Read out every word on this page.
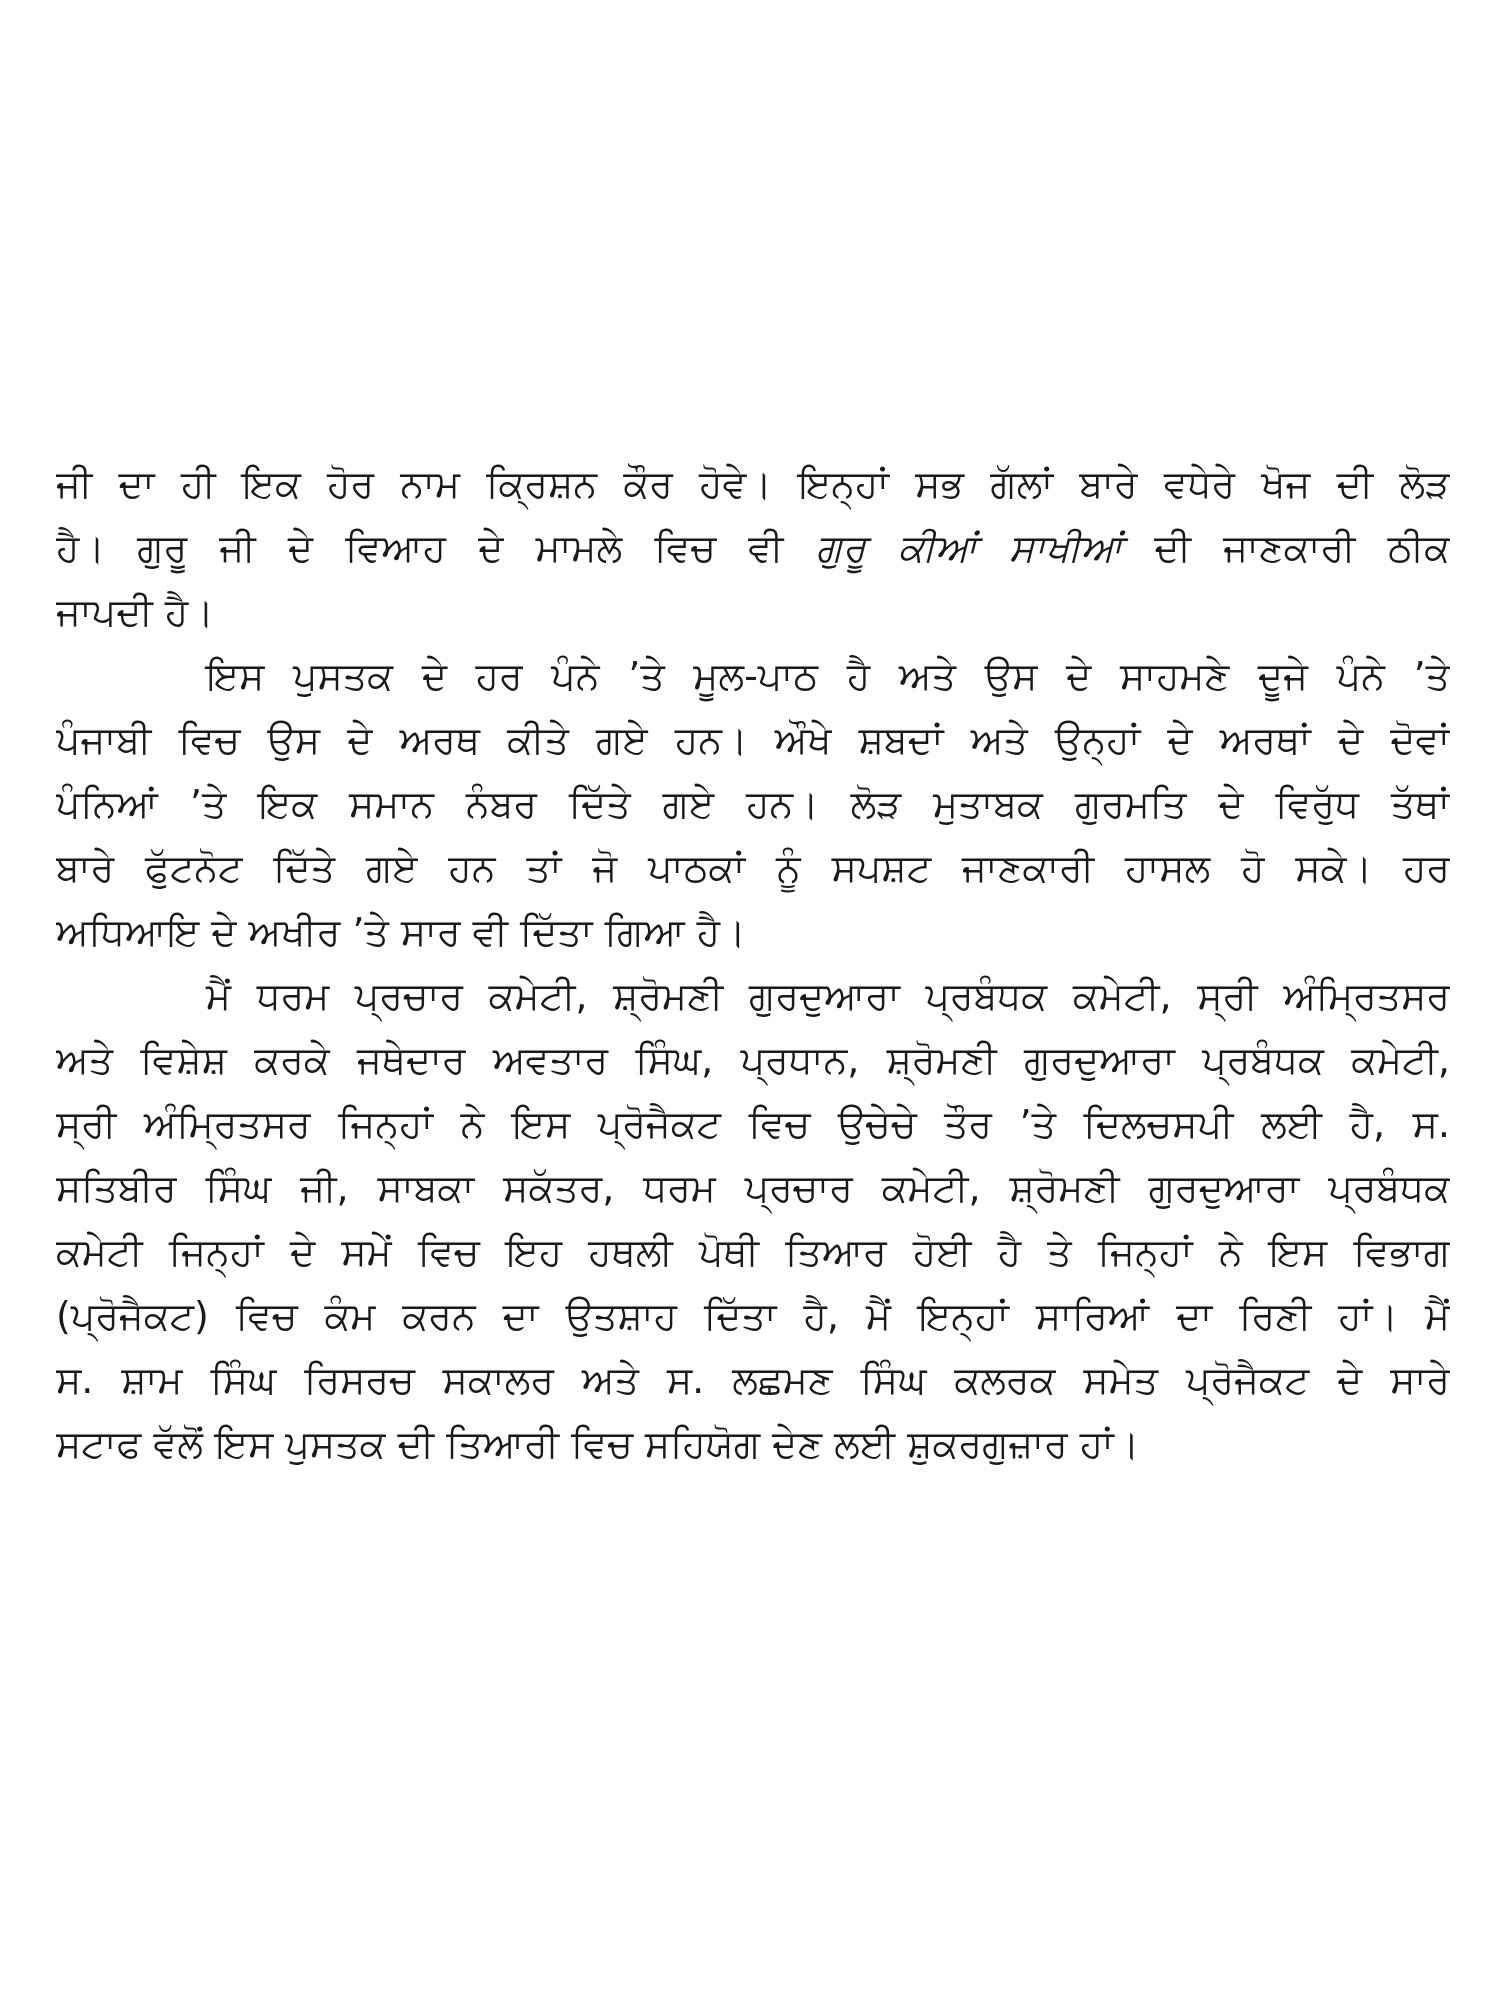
ਜੀ ਦਾ ਹੀ ਇਕ ਹੋਰ ਨਾਮ ਕ੍ਰਿਸ਼ਨ ਕੌਰ ਹੋਵੇ। ਇਨ੍ਹਾਂ ਸਭ ਗੱਲਾਂ ਬਾਰੇ ਵਧੇਰੇ ਖੋਜ ਦੀ ਲੋੜ
ਹੈ। ਗੁਰੂ ਜੀ ਦੇ ਵਿਆਹ ਦੇ ਮਾਮਲੇ ਵਿਚ ਵੀ ਗੁਰੂ ਕੀਆਂ ਸਾਖੀਆਂ ਦੀ ਜਾਣਕਾਰੀ ਠੀਕ
ਜਾਪਦੀ ਹੈ।
ਇਸ ਪੁਸਤਕ ਦੇ ਹਰ ਪੰਨੇ ’ਤੇ ਮੂਲ-ਪਾਠ ਹੈ ਅਤੇ ਉਸ ਦੇ ਸਾਹਮਣੇ ਦੂਜੇ ਪੰਨੇ ’ਤੇ
ਪੰਜਾਬੀ ਵਿਚ ਉਸ ਦੇ ਅਰਥ ਕੀਤੇ ਗਏ ਹਨ। ਔਖੇ ਸ਼ਬਦਾਂ ਅਤੇ ਉਨ੍ਹਾਂ ਦੇ ਅਰਥਾਂ ਦੇ ਦੋਵਾਂ
ਪੰਨਿਆਂ ’ਤੇ ਇਕ ਸਮਾਨ ਨੰਬਰ ਦਿੱਤੇ ਗਏ ਹਨ। ਲੋੜ ਮੁਤਾਬਕ ਗੁਰਮਤਿ ਦੇ ਵਿਰੁੱਧ ਤੱਥਾਂ
ਬਾਰੇ ਫੁੱਟਨੋਟ ਦਿੱਤੇ ਗਏ ਹਨ ਤਾਂ ਜੋ ਪਾਠਕਾਂ ਨੂੰ ਸਪਸ਼ਟ ਜਾਣਕਾਰੀ ਹਾਸਲ ਹੋ ਸਕੇ। ਹਰ
ਅਧਿਆਇ ਦੇ ਅਖੀਰ ’ਤੇ ਸਾਰ ਵੀ ਦਿੱਤਾ ਗਿਆ ਹੈ।
ਮੈਂ ਧਰਮ ਪ੍ਰਚਾਰ ਕਮੇਟੀ, ਸ਼੍ਰੋਮਣੀ ਗੁਰਦੁਆਰਾ ਪ੍ਰਬੰਧਕ ਕਮੇਟੀ, ਸ੍ਰੀ ਅੰਮ੍ਰਿਤਸਰ
ਅਤੇ ਵਿਸ਼ੇਸ਼ ਕਰਕੇ ਜਥੇਦਾਰ ਅਵਤਾਰ ਸਿੰਘ, ਪ੍ਰਧਾਨ, ਸ਼੍ਰੋਮਣੀ ਗੁਰਦੁਆਰਾ ਪ੍ਰਬੰਧਕ ਕਮੇਟੀ,
ਸ੍ਰੀ ਅੰਮ੍ਰਿਤਸਰ ਜਿਨ੍ਹਾਂ ਨੇ ਇਸ ਪ੍ਰੋਜੈਕਟ ਵਿਚ ਉਚੇਚੇ ਤੌਰ ’ਤੇ ਦਿਲਚਸਪੀ ਲਈ ਹੈ, ਸ.
ਸਤਿਬੀਰ ਸਿੰਘ ਜੀ, ਸਾਬਕਾ ਸਕੱਤਰ, ਧਰਮ ਪ੍ਰਚਾਰ ਕਮੇਟੀ, ਸ਼੍ਰੋਮਣੀ ਗੁਰਦੁਆਰਾ ਪ੍ਰਬੰਧਕ
ਕਮੇਟੀ ਜਿਨ੍ਹਾਂ ਦੇ ਸਮੇਂ ਵਿਚ ਇਹ ਹਥਲੀ ਪੋਥੀ ਤਿਆਰ ਹੋਈ ਹੈ ਤੇ ਜਿਨ੍ਹਾਂ ਨੇ ਇਸ ਵਿਭਾਗ
(ਪ੍ਰੋਜੈਕਟ) ਵਿਚ ਕੰਮ ਕਰਨ ਦਾ ਉਤਸ਼ਾਹ ਦਿੱਤਾ ਹੈ, ਮੈਂ ਇਨ੍ਹਾਂ ਸਾਰਿਆਂ ਦਾ ਰਿਣੀ ਹਾਂ। ਮੈਂ
ਸ. ਸ਼ਾਮ ਸਿੰਘ ਰਿਸਰਚ ਸਕਾਲਰ ਅਤੇ ਸ. ਲਛਮਣ ਸਿੰਘ ਕਲਰਕ ਸਮੇਤ ਪ੍ਰੋਜੈਕਟ ਦੇ ਸਾਰੇ
ਸਟਾਫ ਵੱਲੋਂ ਇਸ ਪੁਸਤਕ ਦੀ ਤਿਆਰੀ ਵਿਚ ਸਹਿਯੋਗ ਦੇਣ ਲਈ ਸ਼ੁਕਰਗੁਜ਼ਾਰ ਹਾਂ।
